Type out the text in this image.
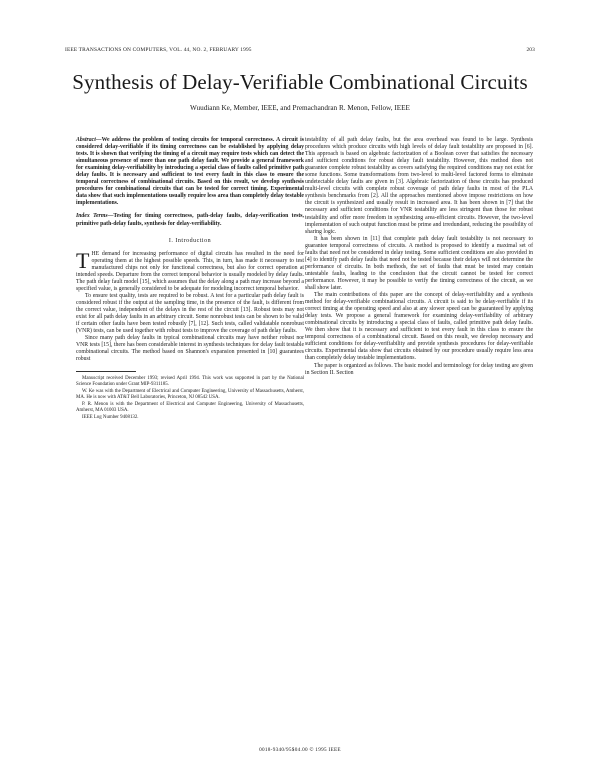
IEEE TRANSACTIONS ON COMPUTERS, VOL. 44, NO. 2, FEBRUARY 1995	203
Synthesis of Delay-Verifiable Combinational Circuits
Wuudiann Ke, Member, IEEE, and Premachandran R. Menon, Fellow, IEEE

Abstract—We address the problem of testing circuits for temporal correctness. A circuit is considered delay-verifiable if its timing correctness can be established by applying delay tests. It is shown that verifying the timing of a circuit may require tests which can detect the simultaneous presence of more than one path delay fault. We provide a general framework for examining delay-verifiability by introducing a special class of faults called primitive path delay faults. It is necessary and sufficient to test every fault in this class to ensure the temporal correctness of combinational circuits. Based on this result, we develop synthesis procedures for combinational circuits that can be tested for correct timing. Experimental data show that such implementations usually require less area than completely delay testable implementations.

Index Terms—Testing for timing correctness, path-delay faults, delay-verification tests, primitive path-delay faults, synthesis for delay-verifiability.

I. Introduction

THE demand for increasing performance of digital circuits has resulted in the need for operating them at the highest possible speeds. This, in turn, has made it necessary to test manufactured chips not only for functional correctness, but also for correct operation at intended speeds. Departure from the correct temporal behavior is usually modeled by delay faults. The path delay fault model [15], which assumes that the delay along a path may increase beyond a specified value, is generally considered to be adequate for modeling incorrect temporal behavior.

To ensure test quality, tests are required to be robust. A test for a particular path delay fault is considered robust if the output at the sampling time, in the presence of the fault, is different from the correct value, independent of the delays in the rest of the circuit [13]. Robust tests may not exist for all path delay faults in an arbitrary circuit. Some nonrobust tests can be shown to be valid if certain other faults have been tested robustly [7], [12]. Such tests, called validatable nonrobust (VNR) tests, can be used together with robust tests to improve the coverage of path delay faults.

Since many path delay faults in typical combinational circuits may have neither robust nor VNR tests [15], there has been considerable interest in synthesis techniques for delay fault testable combinational circuits. The method based on Shannon's expansion presented in [10] guarantees robust

Manuscript received December 1993; revised April 1994. This work was supported in part by the National Science Foundation under Grant MIP-9311185.

W. Ke was with the Department of Electrical and Computer Engineering, University of Massachusetts, Amherst, MA. He is now with AT&T Bell Laboratories, Princeton, NJ 08542 USA.

P. R. Menon is with the Department of Electrical and Computer Engineering, University of Massachusetts, Amherst, MA 01003 USA.

IEEE Log Number 9408132.

testability of all path delay faults, but the area overhead was found to be large. Synthesis procedures which produce circuits with high levels of delay fault testability are proposed in [6]. This approach is based on algebraic factorization of a Boolean cover that satisfies the necessary and sufficient conditions for robust delay fault testability. However, this method does not guarantee complete robust testability as covers satisfying the required conditions may not exist for some functions. Some transformations from two-level to multi-level factored forms to eliminate undetectable delay faults are given in [3]. Algebraic factorization of these circuits has produced multi-level circuits with complete robust coverage of path delay faults in most of the PLA synthesis benchmarks from [2]. All the approaches mentioned above impose restrictions on how the circuit is synthesized and usually result in increased area. It has been shown in [7] that the necessary and sufficient conditions for VNR testability are less stringent than those for robust testability and offer more freedom in synthesizing area-efficient circuits. However, the two-level implementation of such output function must be prime and irredundant, reducing the possibility of sharing logic.

It has been shown in [11] that complete path delay fault testability is not necessary to guarantee temporal correctness of circuits. A method is proposed to identify a maximal set of faults that need not be considered in delay testing. Some sufficient conditions are also provided in [4] to identify path delay faults that need not be tested because their delays will not determine the performance of circuits. In both methods, the set of faults that must be tested may contain untestable faults, leading to the conclusion that the circuit cannot be tested for correct performance. However, it may be possible to verify the timing correctness of the circuit, as we shall show later.

The main contributions of this paper are the concept of delay-verifiability and a synthesis method for delay-verifiable combinational circuits. A circuit is said to be delay-verifiable if its correct timing at the operating speed and also at any slower speed can be guaranteed by applying delay tests. We propose a general framework for examining delay-verifiability of arbitrary combinational circuits by introducing a special class of faults, called primitive path delay faults. We then show that it is necessary and sufficient to test every fault in this class to ensure the temporal correctness of a combinational circuit. Based on this result, we develop necessary and sufficient conditions for delay-verifiability and provide synthesis procedures for delay-verifiable circuits. Experimental data show that circuits obtained by our procedure usually require less area than completely delay testable implementations.

The paper is organized as follows. The basic model and terminology for delay testing are given in Section II. Section

0018-9340/95$04.00 © 1995 IEEE
